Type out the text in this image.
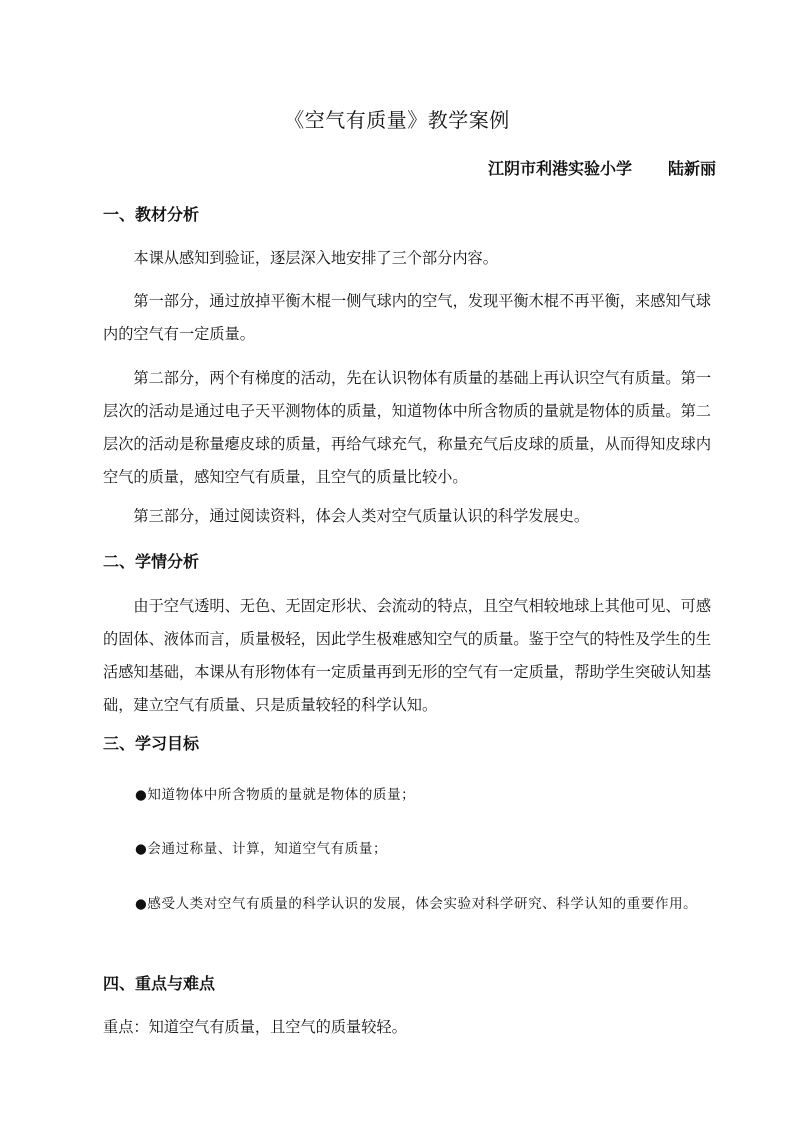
《空气有质量》教学案例
江阴市利港实验小学 陆新丽
一、教材分析
本课从感知到验证，逐层深入地安排了三个部分内容。
第一部分，通过放掉平衡木棍一侧气球内的空气，发现平衡木棍不再平衡，来感知气球内的空气有一定质量。
第二部分，两个有梯度的活动，先在认识物体有质量的基础上再认识空气有质量。第一层次的活动是通过电子天平测物体的质量，知道物体中所含物质的量就是物体的质量。第二层次的活动是称量瘪皮球的质量，再给气球充气，称量充气后皮球的质量，从而得知皮球内空气的质量，感知空气有质量，且空气的质量比较小。
第三部分，通过阅读资料，体会人类对空气质量认识的科学发展史。
二、学情分析
由于空气透明、无色、无固定形状、会流动的特点，且空气相较地球上其他可见、可感的固体、液体而言，质量极轻，因此学生极难感知空气的质量。鉴于空气的特性及学生的生活感知基础，本课从有形物体有一定质量再到无形的空气有一定质量，帮助学生突破认知基础，建立空气有质量、只是质量较轻的科学认知。
三、学习目标
●知道物体中所含物质的量就是物体的质量；
●会通过称量、计算，知道空气有质量；
●感受人类对空气有质量的科学认识的发展，体会实验对科学研究、科学认知的重要作用。
四、重点与难点
重点：知道空气有质量，且空气的质量较轻。
